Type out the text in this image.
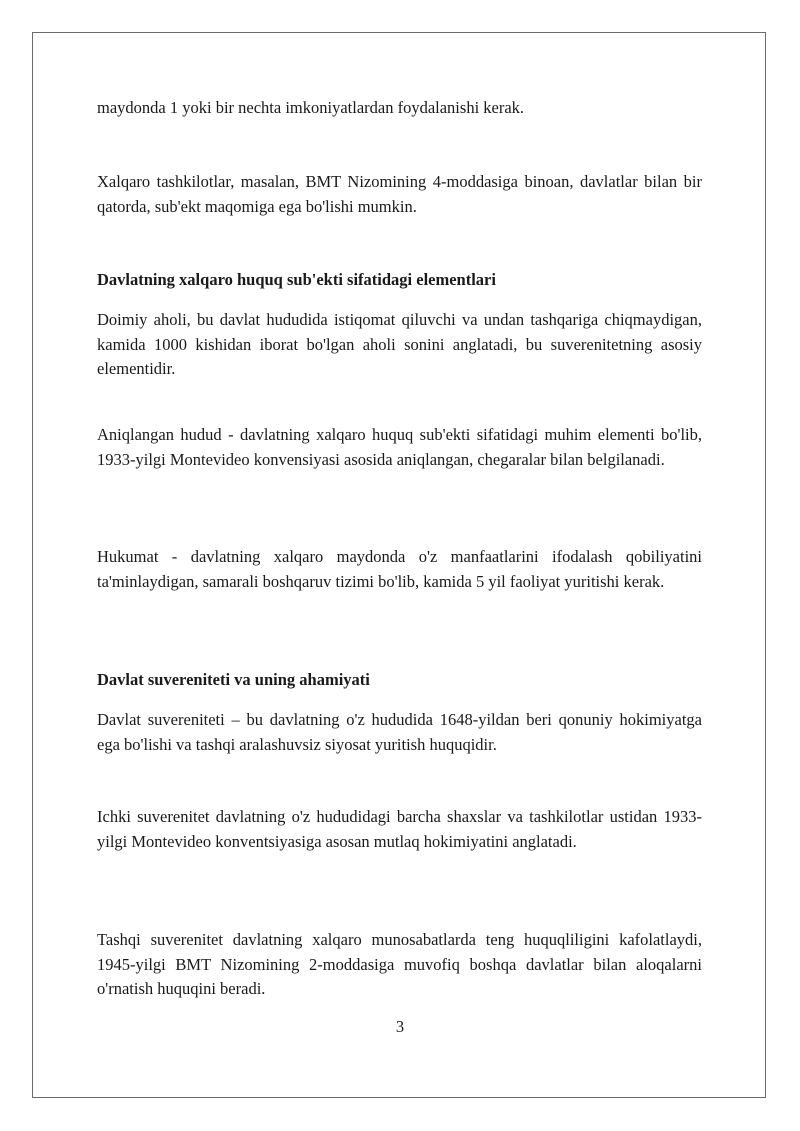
maydonda 1 yoki bir nechta imkoniyatlardan foydalanishi kerak.

Xalqaro tashkilotlar, masalan, BMT Nizomining 4-moddasiga binoan, davlatlar bilan bir qatorda, sub'ekt maqomiga ega bo'lishi mumkin.

Davlatning xalqaro huquq sub'ekti sifatidagi elementlari

Doimiy aholi, bu davlat hududida istiqomat qiluvchi va undan tashqariga chiqmaydigan, kamida 1000 kishidan iborat bo'lgan aholi sonini anglatadi, bu suverenitetning asosiy elementidir.

Aniqlangan hudud - davlatning xalqaro huquq sub'ekti sifatidagi muhim elementi bo'lib, 1933-yilgi Montevideo konvensiyasi asosida aniqlangan, chegaralar bilan belgilanadi.

Hukumat - davlatning xalqaro maydonda o'z manfaatlarini ifodalash qobiliyatini ta'minlaydigan, samarali boshqaruv tizimi bo'lib, kamida 5 yil faoliyat yuritishi kerak.

Davlat suvereniteti va uning ahamiyati

Davlat suvereniteti – bu davlatning o'z hududida 1648-yildan beri qonuniy hokimiyatga ega bo'lishi va tashqi aralashuvsiz siyosat yuritish huquqidir.

Ichki suverenitet davlatning o'z hududidagi barcha shaxslar va tashkilotlar ustidan 1933-yilgi Montevideo konventsiyasiga asosan mutlaq hokimiyatini anglatadi.

Tashqi suverenitet davlatning xalqaro munosabatlarda teng huquqliligini kafolatlaydi, 1945-yilgi BMT Nizomining 2-moddasiga muvofiq boshqa davlatlar bilan aloqalarni o'rnatish huquqini beradi.

3
